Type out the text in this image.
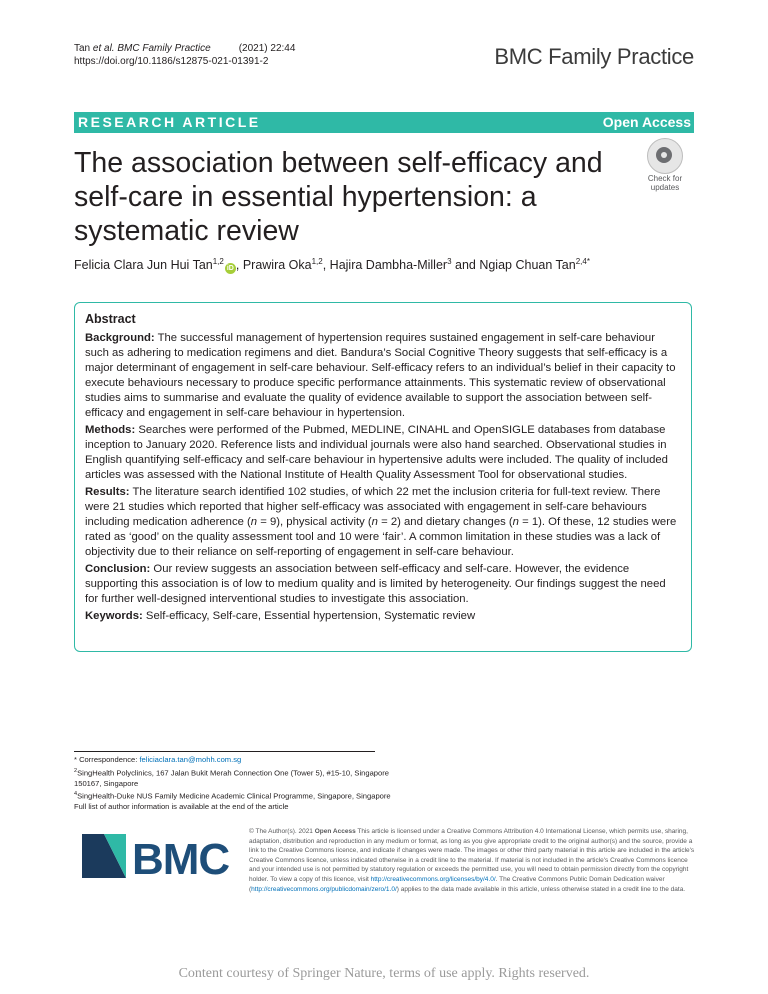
Tan et al. BMC Family Practice	(2021) 22:44
https://doi.org/10.1186/s12875-021-01391-2	BMC Family Practice
RESEARCH ARTICLE	Open Access
The association between self-efficacy and self-care in essential hypertension: a systematic review
Check for
updates
Felicia Clara Jun Hui Tan$^{1,2}$iD , Prawira Oka$^{1,2}$, Hajira Dambha-Miller$^3$ and Ngiap Chuan Tan$^{2,4*}$
Abstract

Background: The successful management of hypertension requires sustained engagement in self-care behaviour such as adhering to medication regimens and diet. Bandura’s Social Cognitive Theory suggests that self-efficacy is a major determinant of engagement in self-care behaviour. Self-efficacy refers to an individual’s belief in their capacity to execute behaviours necessary to produce specific performance attainments. This systematic review of observational studies aims to summarise and evaluate the quality of evidence available to support the association between self-efficacy and engagement in self-care behaviour in hypertension.

Methods: Searches were performed of the Pubmed, MEDLINE, CINAHL and OpenSIGLE databases from database inception to January 2020. Reference lists and individual journals were also hand searched. Observational studies in English quantifying self-efficacy and self-care behaviour in hypertensive adults were included. The quality of included articles was assessed with the National Institute of Health Quality Assessment Tool for observational studies.

Results: The literature search identified 102 studies, of which 22 met the inclusion criteria for full-text review. There were 21 studies which reported that higher self-efficacy was associated with engagement in self-care behaviours including medication adherence (n = 9), physical activity (n = 2) and dietary changes (n = 1). Of these, 12 studies were rated as ‘good’ on the quality assessment tool and 10 were ‘fair’. A common limitation in these studies was a lack of objectivity due to their reliance on self-reporting of engagement in self-care behaviour.

Conclusion: Our review suggests an association between self-efficacy and self-care. However, the evidence supporting this association is of low to medium quality and is limited by heterogeneity. Our findings suggest the need for further well-designed interventional studies to investigate this association.

Keywords: Self-efficacy, Self-care, Essential hypertension, Systematic review

* Correspondence: feliciaclara.tan@mohh.com.sg
$^2$SingHealth Polyclinics, 167 Jalan Bukit Merah Connection One (Tower 5), #15-10, Singapore 150167, Singapore
$^4$SingHealth-Duke NUS Family Medicine Academic Clinical Programme, Singapore, Singapore
Full list of author information is available at the end of the article
BMC
© The Author(s). 2021 Open Access This article is licensed under a Creative Commons Attribution 4.0 International License, which permits use, sharing, adaptation, distribution and reproduction in any medium or format, as long as you give appropriate credit to the original author(s) and the source, provide a link to the Creative Commons licence, and indicate if changes were made. The images or other third party material in this article are included in the article's Creative Commons licence, unless indicated otherwise in a credit line to the material. If material is not included in the article's Creative Commons licence and your intended use is not permitted by statutory regulation or exceeds the permitted use, you will need to obtain permission directly from the copyright holder. To view a copy of this licence, visit http://creativecommons.org/licenses/by/4.0/. The Creative Commons Public Domain Dedication waiver (http://creativecommons.org/publicdomain/zero/1.0/) applies to the data made available in this article, unless otherwise stated in a credit line to the data.
Content courtesy of Springer Nature, terms of use apply. Rights reserved.
